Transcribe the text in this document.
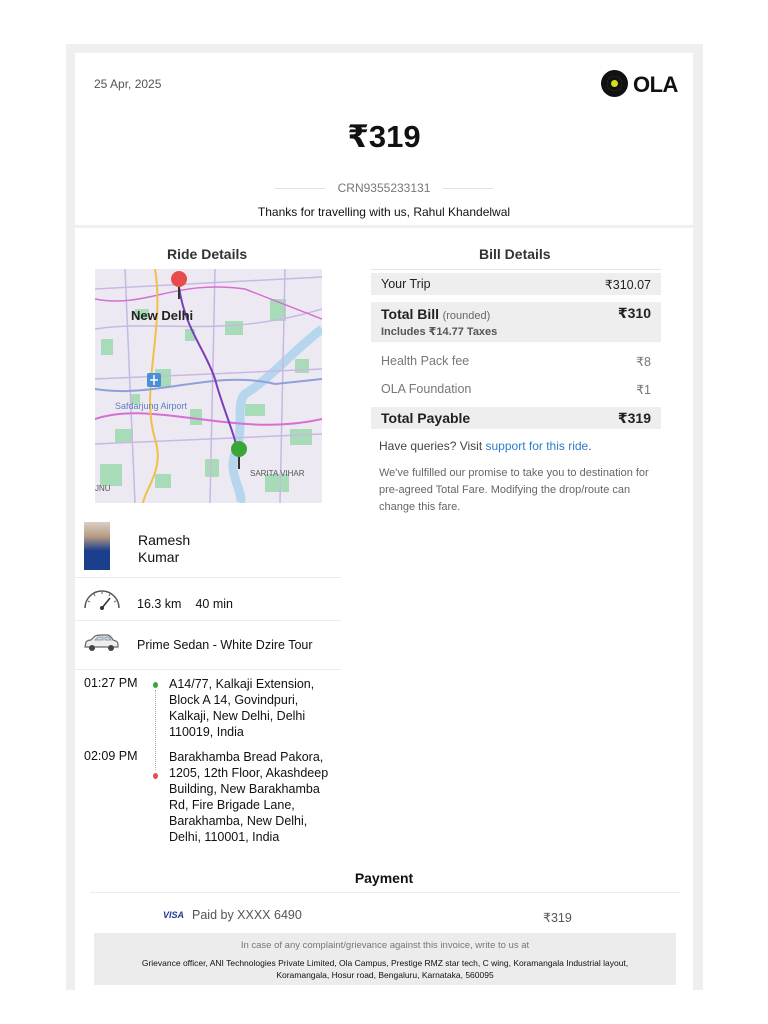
25 Apr, 2025	OLA
₹319
CRN9355233131
Thanks for travelling with us, Rahul Khandelwal
Ride Details
New Delhi
Safdarjung Airport
SARITA VIHAR
JNU
Ramesh Kumar
16.3 km 40 min
Prime Sedan - White Dzire Tour
01:27 PM	A14/77, Kalkaji Extension, Block A 14, Govindpuri, Kalkaji, New Delhi, Delhi 110019, India
02:09 PM	Barakhamba Bread Pakora, 1205, 12th Floor, Akashdeep Building, New Barakhamba Rd, Fire Brigade Lane, Barakhamba, New Delhi, Delhi, 110001, India
Bill Details
Your Trip	₹310.07
Total Bill (rounded)	₹310
Includes ₹14.77 Taxes
Health Pack fee	₹8
OLA Foundation	₹1
Total Payable	₹319
Have queries? Visit support for this ride.
We've fulfilled our promise to take you to destination for pre-agreed Total Fare. Modifying the drop/route can change this fare.
Payment
VISA Paid by XXXX 6490	₹319
In case of any complaint/grievance against this invoice, write to us at
Grievance officer, ANI Technologies Private Limited, Ola Campus, Prestige RMZ star tech, C wing, Koramangala Industrial layout, Koramangala, Hosur road, Bengaluru, Karnataka, 560095
